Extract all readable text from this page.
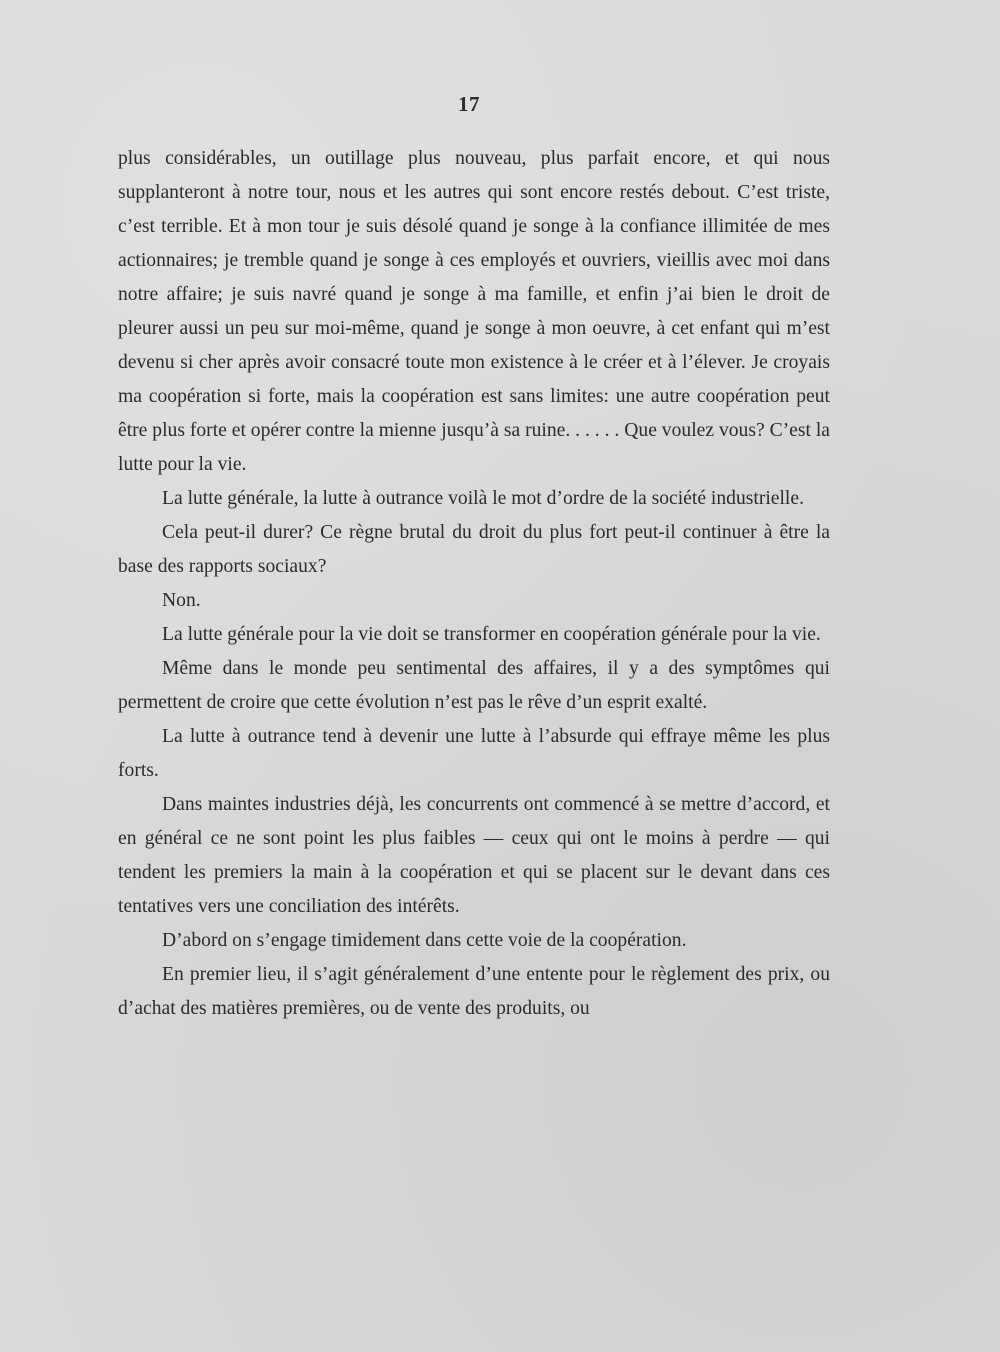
17

plus considérables, un outillage plus nouveau, plus parfait encore, et qui nous supplanteront à notre tour, nous et les autres qui sont encore restés debout. C’est triste, c’est terrible. Et à mon tour je suis désolé quand je songe à la confiance illimitée de mes actionnaires; je tremble quand je songe à ces employés et ouvriers, vieillis avec moi dans notre affaire; je suis navré quand je songe à ma famille, et enfin j’ai bien le droit de pleurer aussi un peu sur moi-même, quand je songe à mon oeuvre, à cet enfant qui m’est devenu si cher après avoir consacré toute mon existence à le créer et à l’élever. Je croyais ma coopération si forte, mais la coopération est sans limites: une autre coopération peut être plus forte et opérer contre la mienne jusqu’à sa ruine. . . . . . Que voulez vous? C’est la lutte pour la vie.

La lutte générale, la lutte à outrance voilà le mot d’ordre de la société industrielle.

Cela peut-il durer? Ce règne brutal du droit du plus fort peut-il continuer à être la base des rapports sociaux?

Non.

La lutte générale pour la vie doit se transformer en coopération générale pour la vie.

Même dans le monde peu sentimental des affaires, il y a des symptômes qui permettent de croire que cette évolution n’est pas le rêve d’un esprit exalté.

La lutte à outrance tend à devenir une lutte à l’absurde qui effraye même les plus forts.

Dans maintes industries déjà, les concurrents ont commencé à se mettre d’accord, et en général ce ne sont point les plus faibles — ceux qui ont le moins à perdre — qui tendent les premiers la main à la coopération et qui se placent sur le devant dans ces tentatives vers une conciliation des intérêts.

D’abord on s’engage timidement dans cette voie de la coopération.

En premier lieu, il s’agit généralement d’une entente pour le règlement des prix, ou d’achat des matières premières, ou de vente des produits, ou
